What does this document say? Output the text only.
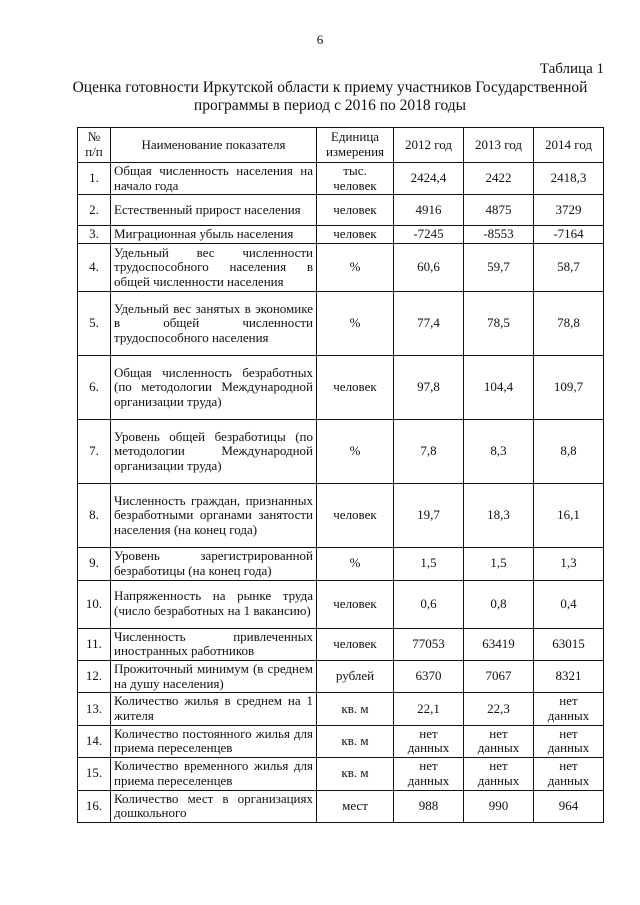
6
Таблица 1
Оценка готовности Иркутской области к приему участников Государственной
программы в период с 2016 по 2018 годы
№ п/п	Наименование показателя	Единица измерения	2012 год	2013 год	2014 год
1.	Общая численность населения на начало года	тыс. человек	2424,4	2422	2418,3
2.	Естественный прирост населения	человек	4916	4875	3729
3.	Миграционная убыль населения	человек	-7245	-8553	-7164
4.	Удельный вес численности трудоспособного населения в общей численности населения	%	60,6	59,7	58,7
5.	Удельный вес занятых в экономике в общей численности трудоспособного населения	%	77,4	78,5	78,8
6.	Общая численность безработных (по методологии Международной организации труда)	человек	97,8	104,4	109,7
7.	Уровень общей безработицы (по методологии Международной организации труда)	%	7,8	8,3	8,8
8.	Численность граждан, признанных безработными органами занятости населения (на конец года)	человек	19,7	18,3	16,1
9.	Уровень зарегистрированной безработицы (на конец года)	%	1,5	1,5	1,3
10.	Напряженность на рынке труда (число безработных на 1 вакансию)	человек	0,6	0,8	0,4
11.	Численность привлеченных иностранных работников	человек	77053	63419	63015
12.	Прожиточный минимум (в среднем на душу населения)	рублей	6370	7067	8321
13.	Количество жилья в среднем на 1 жителя	кв. м	22,1	22,3	нет данных
14.	Количество постоянного жилья для приема переселенцев	кв. м	нет данных	нет данных	нет данных
15.	Количество временного жилья для приема переселенцев	кв. м	нет данных	нет данных	нет данных
16.	Количество мест в организациях дошкольного	мест	988	990	964
